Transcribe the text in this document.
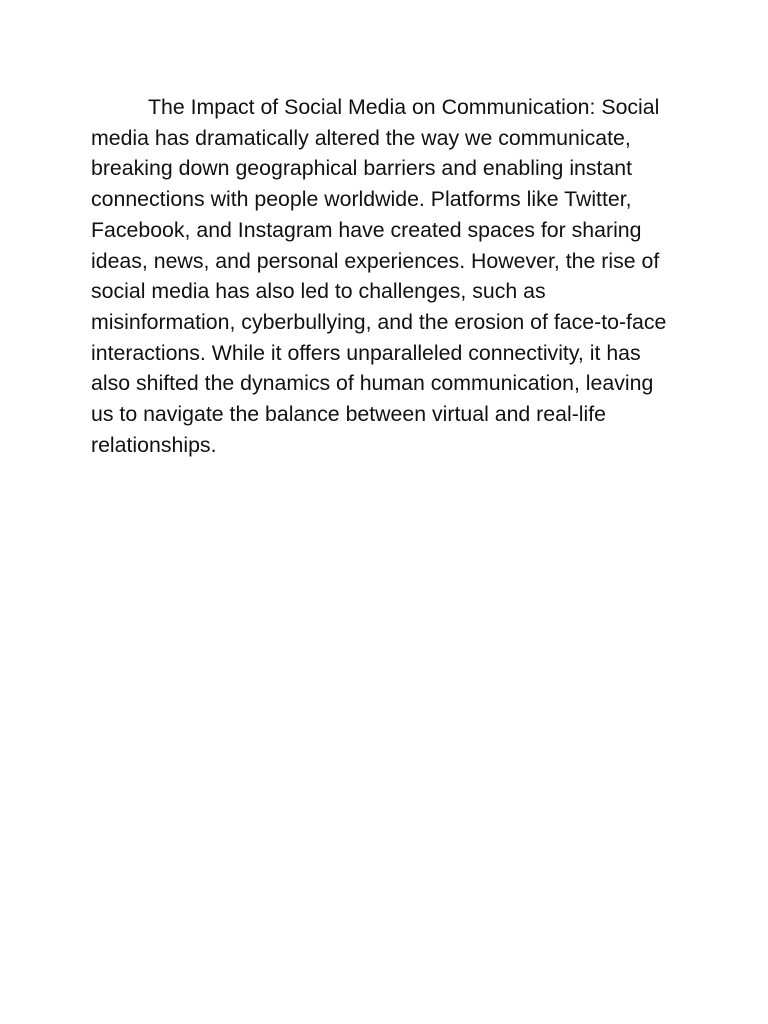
The Impact of Social Media on Communication: Social media has dramatically altered the way we communicate, breaking down geographical barriers and enabling instant connections with people worldwide. Platforms like Twitter, Facebook, and Instagram have created spaces for sharing ideas, news, and personal experiences. However, the rise of social media has also led to challenges, such as misinformation, cyberbullying, and the erosion of face-to-face interactions. While it offers unparalleled connectivity, it has also shifted the dynamics of human communication, leaving us to navigate the balance between virtual and real-life relationships.
